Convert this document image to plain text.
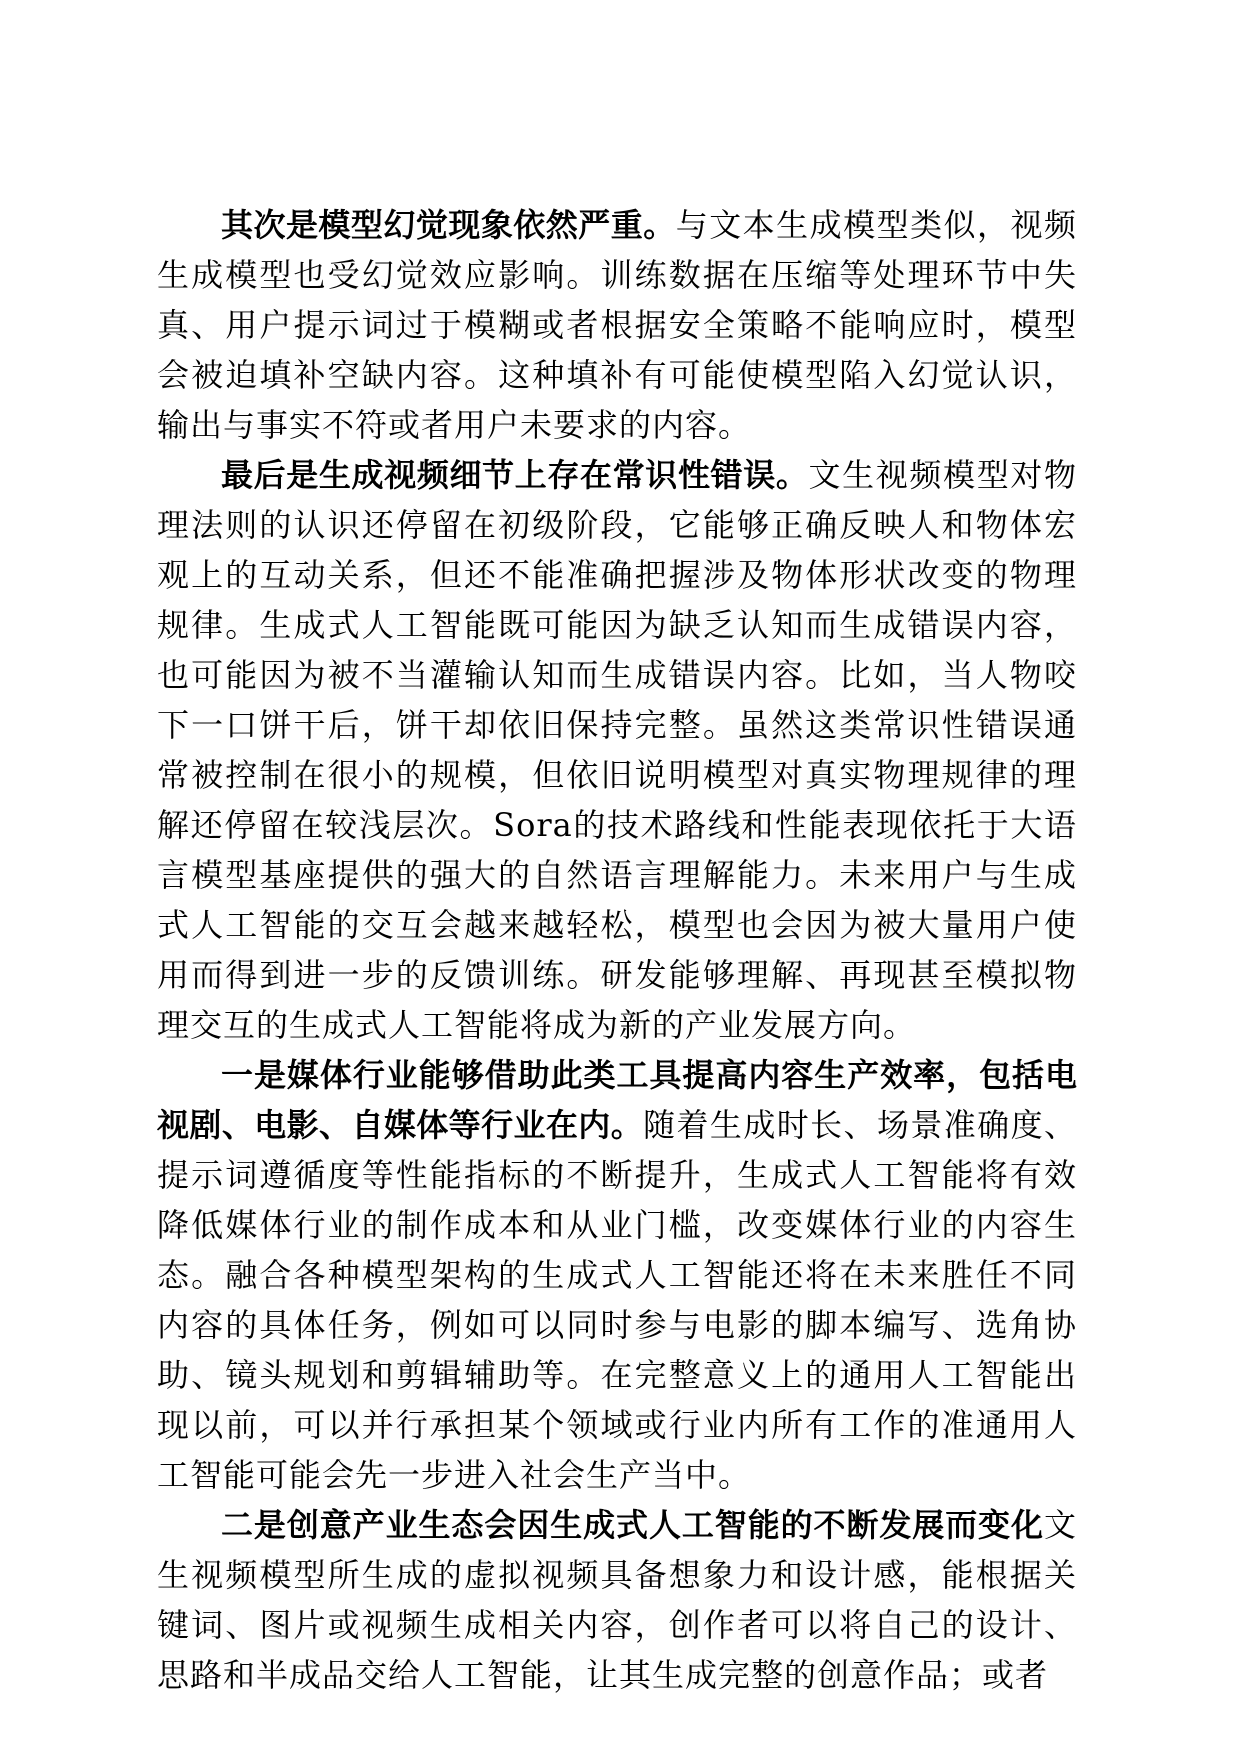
其次是模型幻觉现象依然严重。与文本生成模型类似，视频生成模型也受幻觉效应影响。训练数据在压缩等处理环节中失真、用户提示词过于模糊或者根据安全策略不能响应时，模型会被迫填补空缺内容。这种填补有可能使模型陷入幻觉认识，输出与事实不符或者用户未要求的内容。

最后是生成视频细节上存在常识性错误。文生视频模型对物理法则的认识还停留在初级阶段，它能够正确反映人和物体宏观上的互动关系，但还不能准确把握涉及物体形状改变的物理规律。生成式人工智能既可能因为缺乏认知而生成错误内容，也可能因为被不当灌输认知而生成错误内容。比如，当人物咬下一口饼干后，饼干却依旧保持完整。虽然这类常识性错误通常被控制在很小的规模，但依旧说明模型对真实物理规律的理解还停留在较浅层次。Sora的技术路线和性能表现依托于大语言模型基座提供的强大的自然语言理解能力。未来用户与生成式人工智能的交互会越来越轻松，模型也会因为被大量用户使用而得到进一步的反馈训练。研发能够理解、再现甚至模拟物理交互的生成式人工智能将成为新的产业发展方向。

一是媒体行业能够借助此类工具提高内容生产效率，包括电视剧、电影、自媒体等行业在内。随着生成时长、场景准确度、提示词遵循度等性能指标的不断提升，生成式人工智能将有效降低媒体行业的制作成本和从业门槛，改变媒体行业的内容生态。融合各种模型架构的生成式人工智能还将在未来胜任不同内容的具体任务，例如可以同时参与电影的脚本编写、选角协助、镜头规划和剪辑辅助等。在完整意义上的通用人工智能出现以前，可以并行承担某个领域或行业内所有工作的准通用人工智能可能会先一步进入社会生产当中。

二是创意产业生态会因生成式人工智能的不断发展而变化文生视频模型所生成的虚拟视频具备想象力和设计感，能根据关键词、图片或视频生成相关内容，创作者可以将自己的设计、思路和半成品交给人工智能，让其生成完整的创意作品；或者
